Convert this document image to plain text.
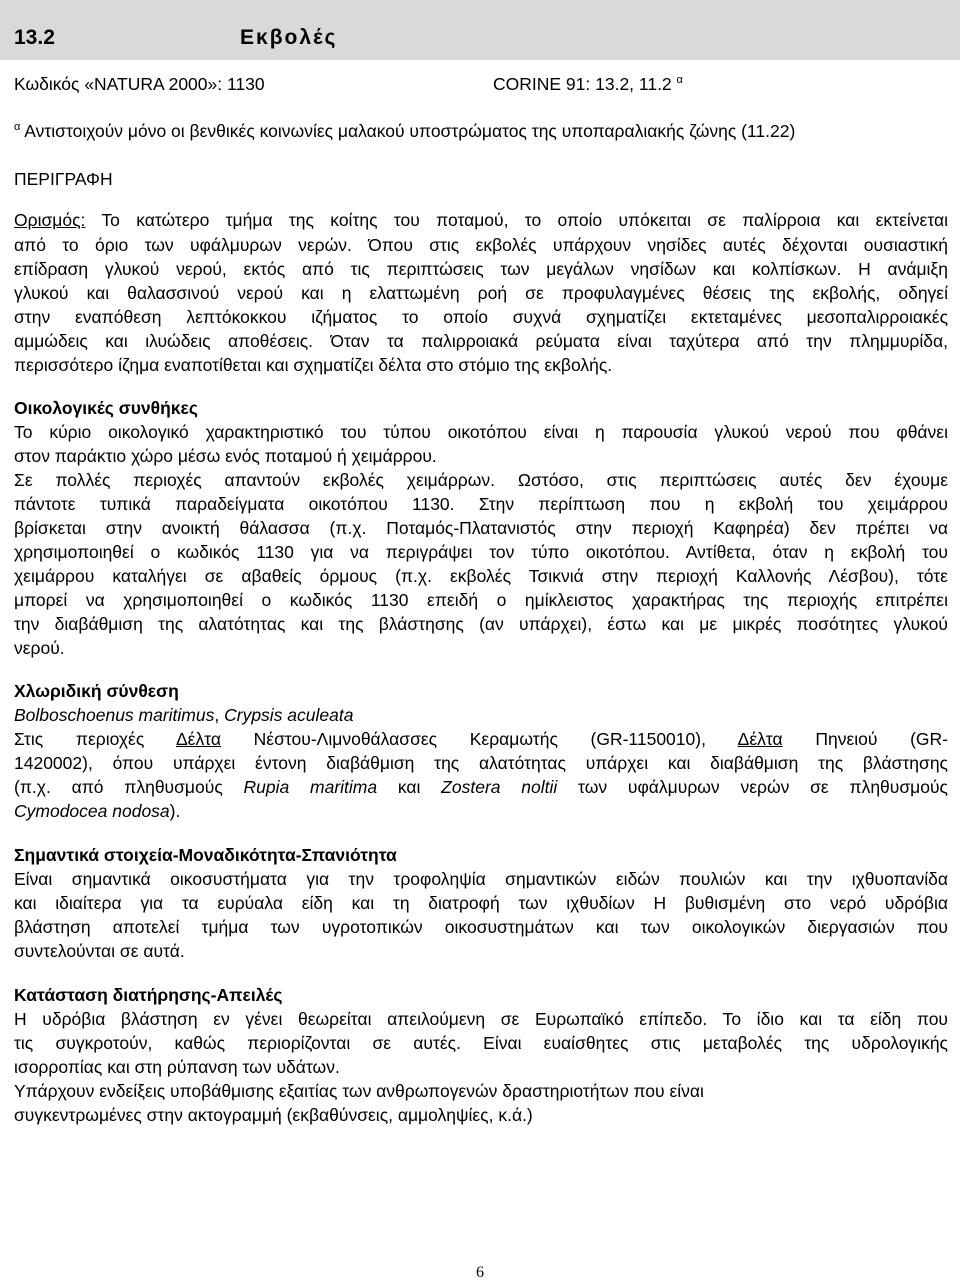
13.2	Εκβολές
Κωδικός «NATURA 2000»: 1130	CORINE 91: 13.2, 11.2 $^\alpha$
$^\alpha$ Αντιστοιχούν μόνο οι βενθικές κοινωνίες μαλακού υποστρώματος της υποπαραλιακής ζώνης (11.22)
ΠΕΡΙΓΡΑΦΗ
Ορισμός: Το κατώτερο τμήμα της κοίτης του ποταμού, το οποίο υπόκειται σε παλίρροια και εκτείνεται
από το όριο των υφάλμυρων νερών. Όπου στις εκβολές υπάρχουν νησίδες αυτές δέχονται ουσιαστική
επίδραση γλυκού νερού, εκτός από τις περιπτώσεις των μεγάλων νησίδων και κολπίσκων. Η ανάμιξη
γλυκού και θαλασσινού νερού και η ελαττωμένη ροή σε προφυλαγμένες θέσεις της εκβολής, οδηγεί
στην εναπόθεση λεπτόκοκκου ιζήματος το οποίο συχνά σχηματίζει εκτεταμένες μεσοπαλιρροιακές
αμμώδεις και ιλυώδεις αποθέσεις. Όταν τα παλιρροιακά ρεύματα είναι ταχύτερα από την πλημμυρίδα,
περισσότερο ίζημα εναποτίθεται και σχηματίζει δέλτα στο στόμιο της εκβολής.
Οικολογικές συνθήκες
Το κύριο οικολογικό χαρακτηριστικό του τύπου οικοτόπου είναι η παρουσία γλυκού νερού που φθάνει
στον παράκτιο χώρο μέσω ενός ποταμού ή χειμάρρου.
Σε πολλές περιοχές απαντούν εκβολές χειμάρρων. Ωστόσο, στις περιπτώσεις αυτές δεν έχουμε
πάντοτε τυπικά παραδείγματα οικοτόπου 1130. Στην περίπτωση που η εκβολή του χειμάρρου
βρίσκεται στην ανοικτή θάλασσα (π.χ. Ποταμός-Πλατανιστός στην περιοχή Καφηρέα) δεν πρέπει να
χρησιμοποιηθεί ο κωδικός 1130 για να περιγράψει τον τύπο οικοτόπου. Αντίθετα, όταν η εκβολή του
χειμάρρου καταλήγει σε αβαθείς όρμους (π.χ. εκβολές Τσικνιά στην περιοχή Καλλονής Λέσβου), τότε
μπορεί να χρησιμοποιηθεί ο κωδικός 1130 επειδή ο ημίκλειστος χαρακτήρας της περιοχής επιτρέπει
την διαβάθμιση της αλατότητας και της βλάστησης (αν υπάρχει), έστω και με μικρές ποσότητες γλυκού
νερού.
Χλωριδική σύνθεση
Bolboschoenus maritimus, Crypsis aculeata
Στις περιοχές Δέλτα Νέστου-Λιμνοθάλασσες Κεραμωτής (GR-1150010), Δέλτα Πηνειού (GR-
1420002), όπου υπάρχει έντονη διαβάθμιση της αλατότητας υπάρχει και διαβάθμιση της βλάστησης
(π.χ. από πληθυσμούς Rupia maritima και Zostera noltii των υφάλμυρων νερών σε πληθυσμούς
Cymodocea nodosa).
Σημαντικά στοιχεία-Μοναδικότητα-Σπανιότητα
Είναι σημαντικά οικοσυστήματα για την τροφοληψία σημαντικών ειδών πουλιών και την ιχθυοπανίδα
και ιδιαίτερα για τα ευρύαλα είδη και τη διατροφή των ιχθυδίων Η βυθισμένη στο νερό υδρόβια
βλάστηση αποτελεί τμήμα των υγροτοπικών οικοσυστημάτων και των οικολογικών διεργασιών που
συντελούνται σε αυτά.
Κατάσταση διατήρησης-Απειλές
Η υδρόβια βλάστηση εν γένει θεωρείται απειλούμενη σε Ευρωπαϊκό επίπεδο. Το ίδιο και τα είδη που
τις συγκροτούν, καθώς περιορίζονται σε αυτές. Είναι ευαίσθητες στις μεταβολές της υδρολογικής
ισορροπίας και στη ρύπανση των υδάτων.
Υπάρχουν ενδείξεις υποβάθμισης εξαιτίας των ανθρωπογενών δραστηριοτήτων που είναι
συγκεντρωμένες στην ακτογραμμή (εκβαθύνσεις, αμμοληψίες, κ.ά.)
6
